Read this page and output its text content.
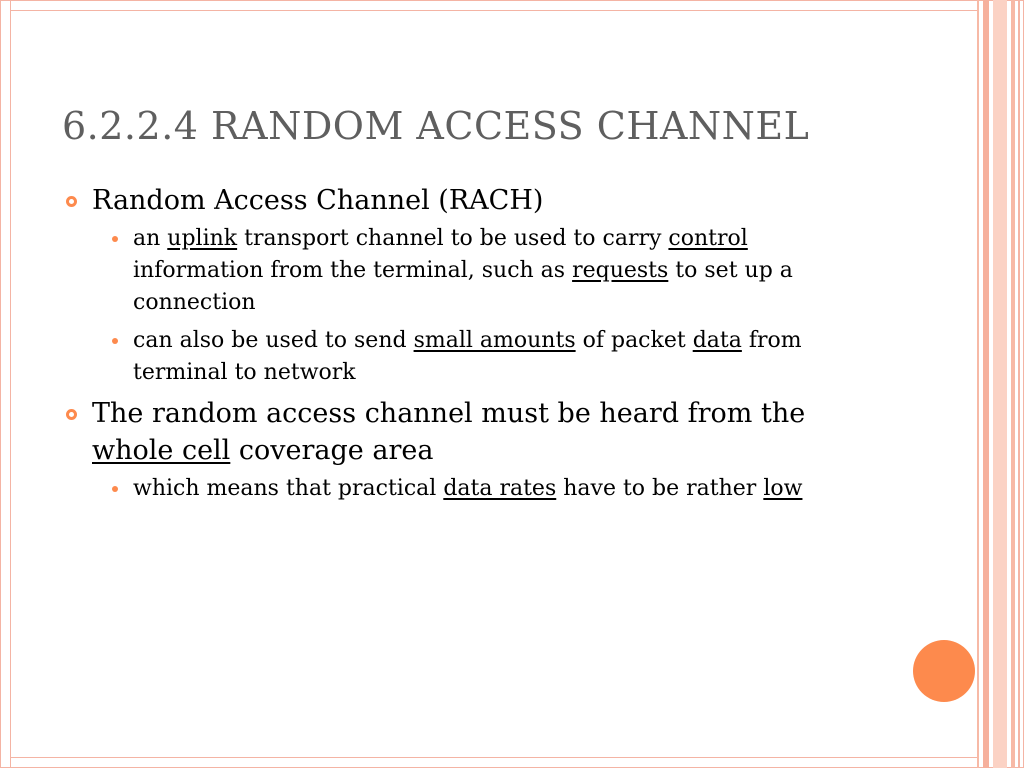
6.2.2.4 RANDOM ACCESS CHANNEL
Random Access Channel (RACH)
an uplink transport channel to be used to carry control information from the terminal, such as requests to set up a connection
can also be used to send small amounts of packet data from terminal to network
The random access channel must be heard from the whole cell coverage area
which means that practical data rates have to be rather low
